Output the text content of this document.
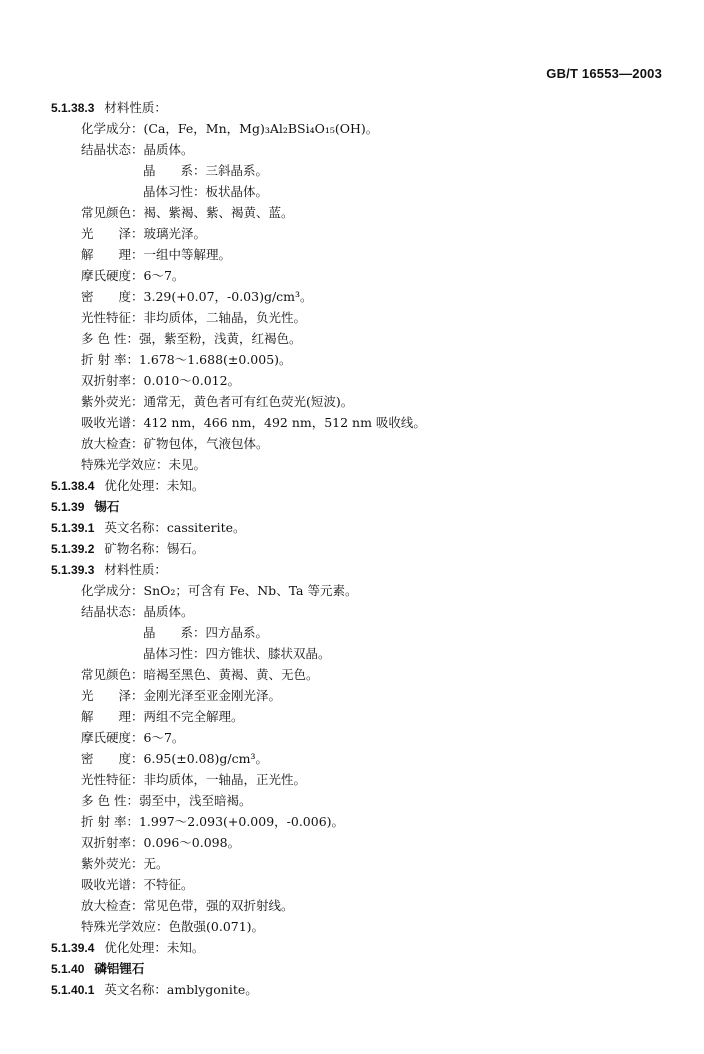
GB/T 16553—2003
5.1.38.3 材料性质：
化学成分：(Ca，Fe，Mn，Mg)₃Al₂BSi₄O₁₅(OH)。
结晶状态：晶质体。
晶　　系：三斜晶系。
晶体习性：板状晶体。
常见颜色：褐、紫褐、紫、褐黄、蓝。
光　　泽：玻璃光泽。
解　　理：一组中等解理。
摩氏硬度：6～7。
密　　度：3.29(+0.07，-0.03)g/cm³。
光性特征：非均质体，二轴晶，负光性。
多 色 性：强，紫至粉，浅黄，红褐色。
折 射 率：1.678～1.688(±0.005)。
双折射率：0.010～0.012。
紫外荧光：通常无，黄色者可有红色荧光(短波)。
吸收光谱：412 nm，466 nm，492 nm，512 nm 吸收线。
放大检查：矿物包体，气液包体。
特殊光学效应：未见。
5.1.38.4 优化处理：未知。
5.1.39 锡石
5.1.39.1 英文名称：cassiterite。
5.1.39.2 矿物名称：锡石。
5.1.39.3 材料性质：
化学成分：SnO₂；可含有 Fe、Nb、Ta 等元素。
结晶状态：晶质体。
晶　　系：四方晶系。
晶体习性：四方锥状、膝状双晶。
常见颜色：暗褐至黑色、黄褐、黄、无色。
光　　泽：金刚光泽至亚金刚光泽。
解　　理：两组不完全解理。
摩氏硬度：6～7。
密　　度：6.95(±0.08)g/cm³。
光性特征：非均质体，一轴晶，正光性。
多 色 性：弱至中，浅至暗褐。
折 射 率：1.997～2.093(+0.009，-0.006)。
双折射率：0.096～0.098。
紫外荧光：无。
吸收光谱：不特征。
放大检查：常见色带，强的双折射线。
特殊光学效应：色散强(0.071)。
5.1.39.4 优化处理：未知。
5.1.40 磷铝锂石
5.1.40.1 英文名称：amblygonite。
